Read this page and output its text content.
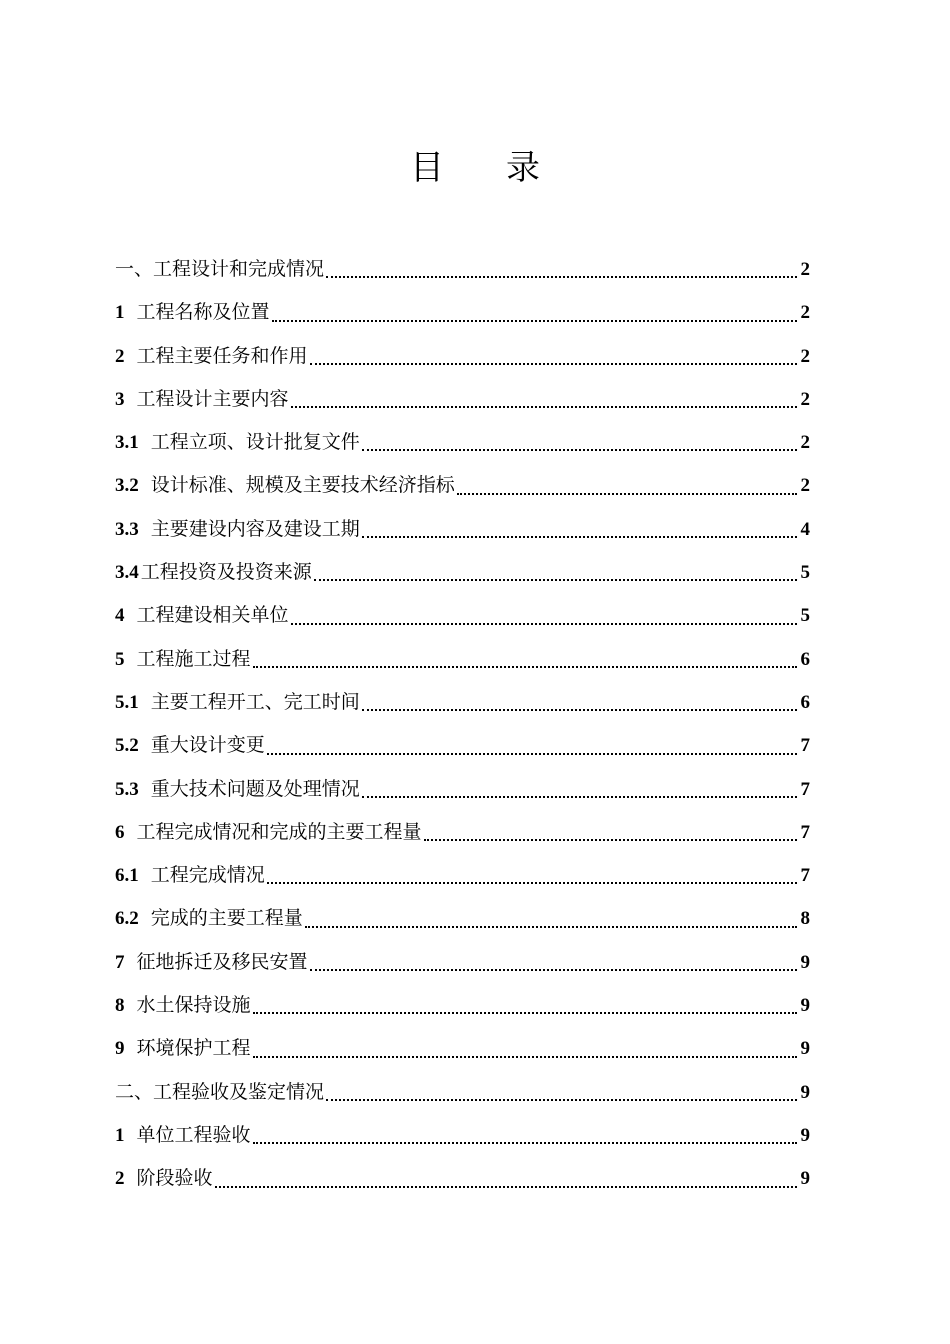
目 录
一、工程设计和完成情况	2
1 工程名称及位置	2
2 工程主要任务和作用	2
3 工程设计主要内容	2
3.1 工程立项、设计批复文件	2
3.2 设计标准、规模及主要技术经济指标	2
3.3 主要建设内容及建设工期	4
3.4 工程投资及投资来源	5
4 工程建设相关单位	5
5 工程施工过程	6
5.1 主要工程开工、完工时间	6
5.2 重大设计变更	7
5.3 重大技术问题及处理情况	7
6 工程完成情况和完成的主要工程量	7
6.1 工程完成情况	7
6.2 完成的主要工程量	8
7 征地拆迁及移民安置	9
8 水土保持设施	9
9 环境保护工程	9
二、工程验收及鉴定情况	9
1 单位工程验收	9
2 阶段验收	9
